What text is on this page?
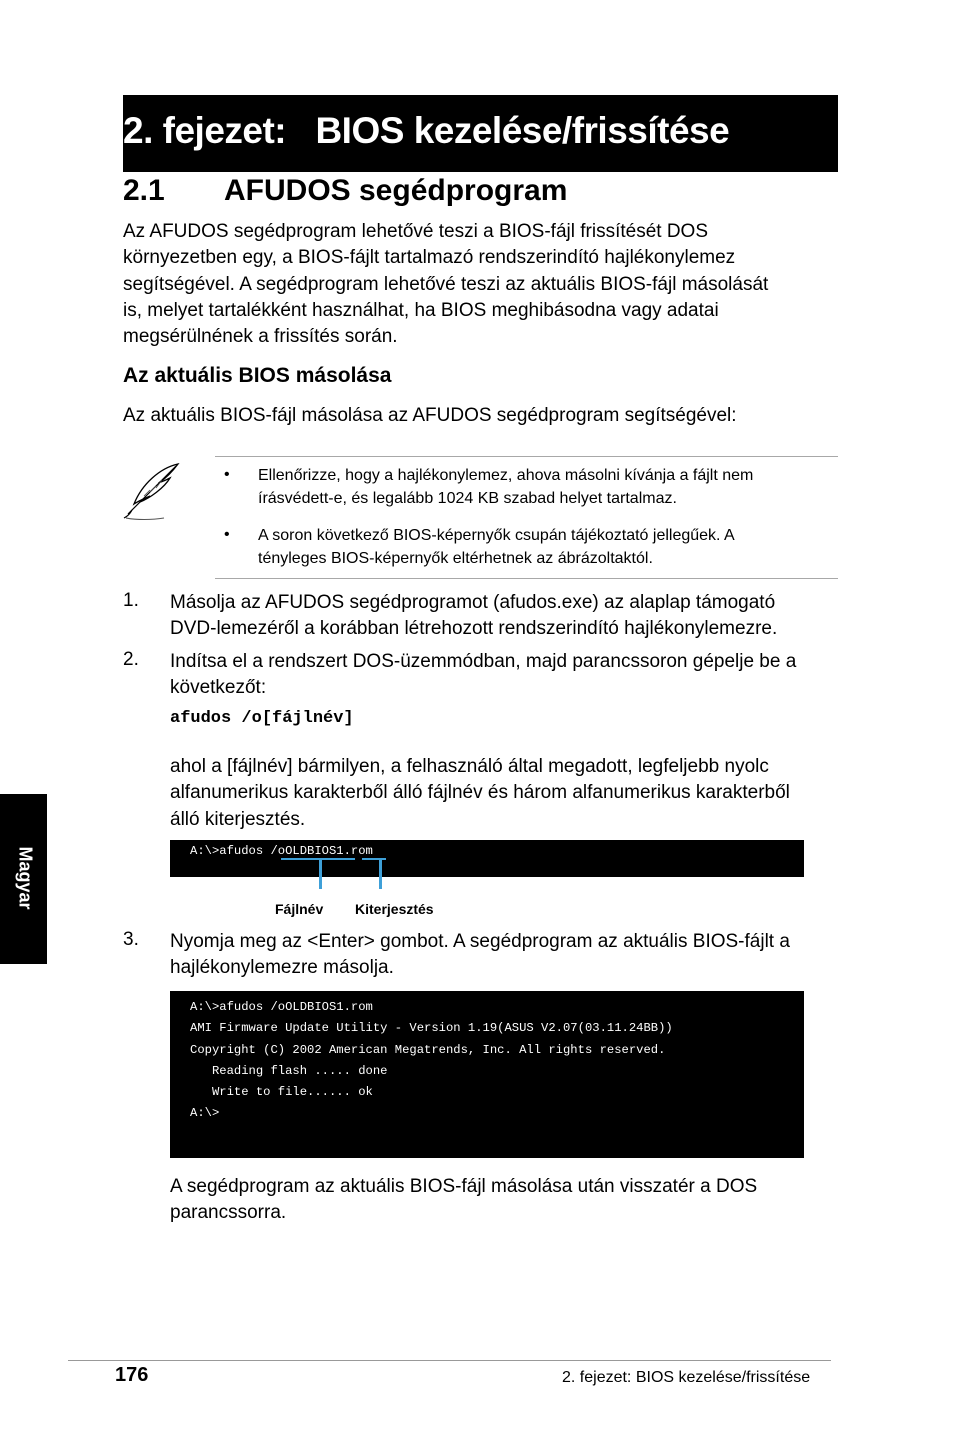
2. fejezet:   BIOS kezelése/frissítése
2.1 AFUDOS segédprogram
Az AFUDOS segédprogram lehetővé teszi a BIOS-fájl frissítését DOS
környezetben egy, a BIOS-fájlt tartalmazó rendszerindító hajlékonylemez
segítségével. A segédprogram lehetővé teszi az aktuális BIOS-fájl másolását
is, melyet tartalékként használhat, ha BIOS meghibásodna vagy adatai
megsérülnének a frissítés során.
Az aktuális BIOS másolása
Az aktuális BIOS-fájl másolása az AFUDOS segédprogram segítségével:
• Ellenőrizze, hogy a hajlékonylemez, ahova másolni kívánja a fájlt nem
írásvédett-e, és legalább 1024 KB szabad helyet tartalmaz.
• A soron következő BIOS-képernyők csupán tájékoztató jellegűek. A
tényleges BIOS-képernyők eltérhetnek az ábrázoltaktól.
1. Másolja az AFUDOS segédprogramot (afudos.exe) az alaplap támogató
DVD-lemezéről a korábban létrehozott rendszerindító hajlékonylemezre.
2. Indítsa el a rendszert DOS-üzemmódban, majd parancssoron gépelje be a
következőt:
afudos /o[fájlnév]
ahol a [fájlnév] bármilyen, a felhasználó által megadott, legfeljebb nyolc
alfanumerikus karakterből álló fájlnév és három alfanumerikus karakterből
álló kiterjesztés.
A:\>afudos /oOLDBIOS1.rom
Fájlnév Kiterjesztés
3. Nyomja meg az <Enter> gombot. A segédprogram az aktuális BIOS-fájlt a
hajlékonylemezre másolja.
A:\>afudos /oOLDBIOS1.rom
AMI Firmware Update Utility - Version 1.19(ASUS V2.07(03.11.24BB))
Copyright (C) 2002 American Megatrends, Inc. All rights reserved.
Reading flash ..... done
Write to file...... ok
A:\>
A segédprogram az aktuális BIOS-fájl másolása után visszatér a DOS
parancssorra.
Magyar
176	2. fejezet: BIOS kezelése/frissítése
